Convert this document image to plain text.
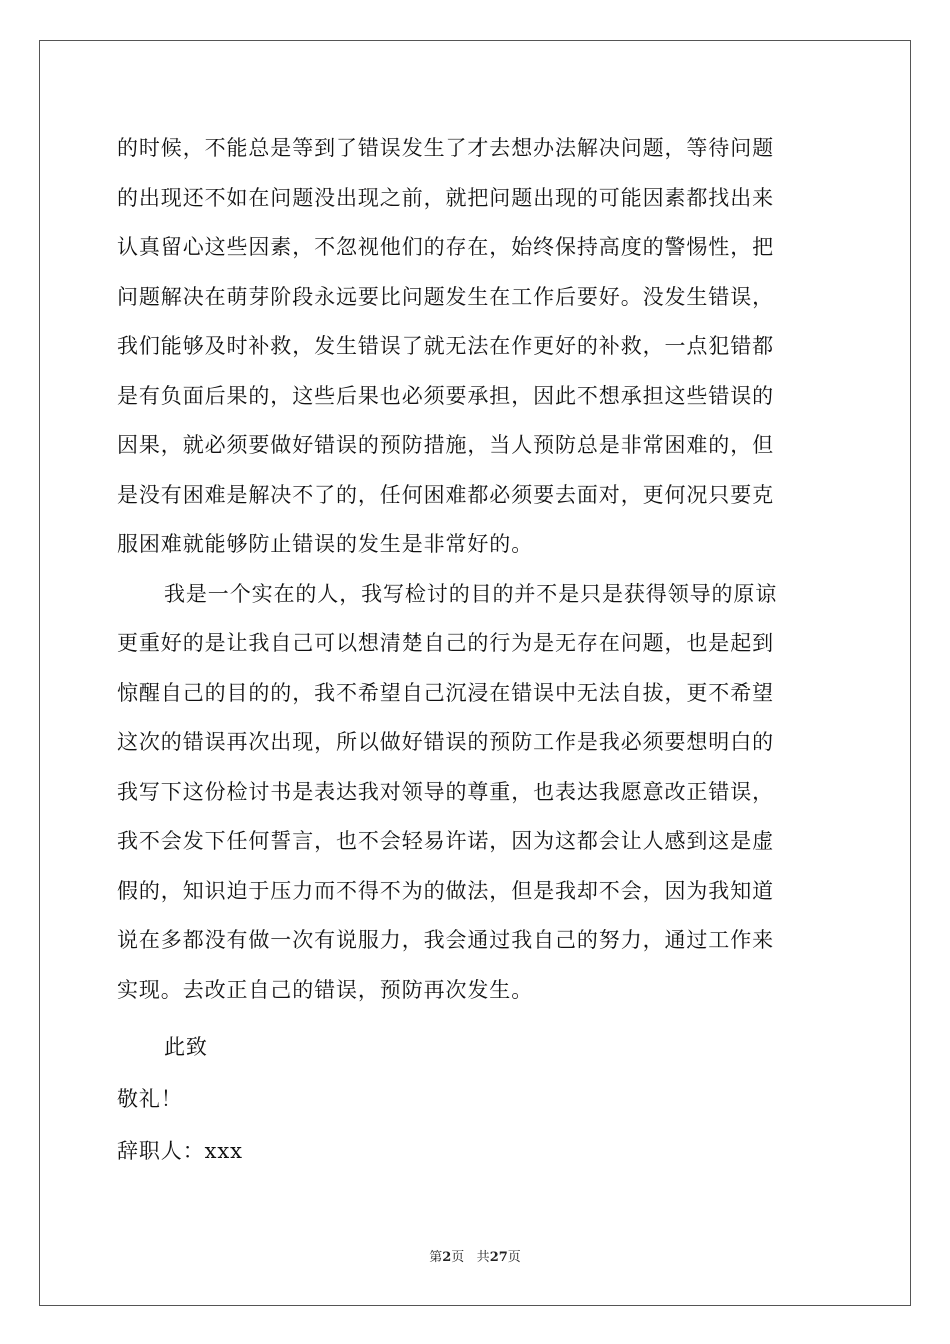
的时候，不能总是等到了错误发生了才去想办法解决问题，等待问题
的出现还不如在问题没出现之前，就把问题出现的可能因素都找出来
认真留心这些因素，不忽视他们的存在，始终保持高度的警惕性，把
问题解决在萌芽阶段永远要比问题发生在工作后要好。没发生错误，
我们能够及时补救，发生错误了就无法在作更好的补救，一点犯错都
是有负面后果的，这些后果也必须要承担，因此不想承担这些错误的
因果，就必须要做好错误的预防措施，当人预防总是非常困难的，但
是没有困难是解决不了的，任何困难都必须要去面对，更何况只要克
服困难就能够防止错误的发生是非常好的。
我是一个实在的人，我写检讨的目的并不是只是获得领导的原谅
更重好的是让我自己可以想清楚自己的行为是无存在问题，也是起到
惊醒自己的目的的，我不希望自己沉浸在错误中无法自拔，更不希望
这次的错误再次出现，所以做好错误的预防工作是我必须要想明白的
我写下这份检讨书是表达我对领导的尊重，也表达我愿意改正错误，
我不会发下任何誓言，也不会轻易许诺，因为这都会让人感到这是虚
假的，知识迫于压力而不得不为的做法，但是我却不会，因为我知道
说在多都没有做一次有说服力，我会通过我自己的努力，通过工作来
实现。去改正自己的错误，预防再次发生。
此致
敬礼！
辞职人：xxx
第2页 共27页
